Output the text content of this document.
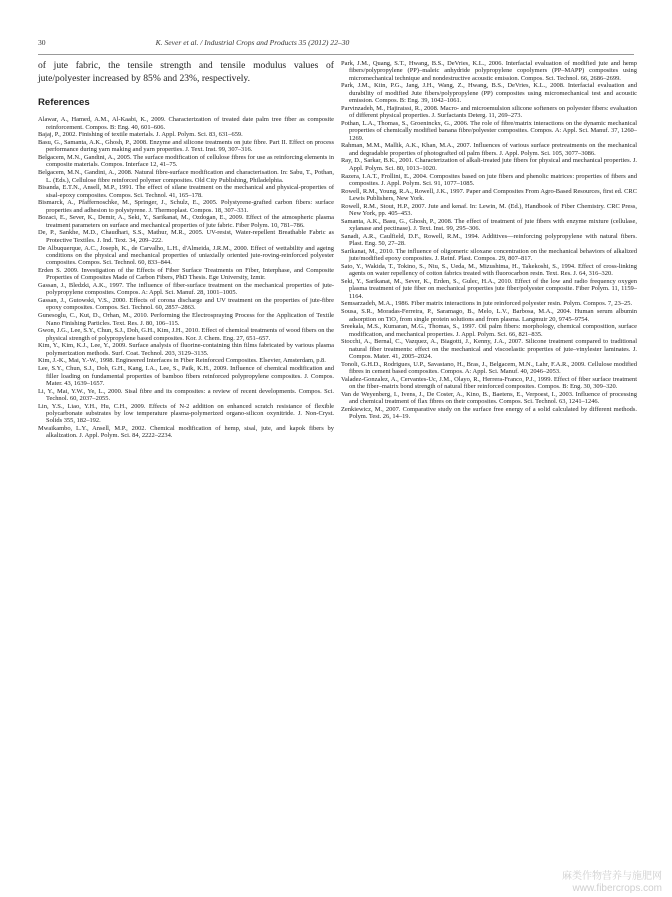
30	K. Sever et al. / Industrial Crops and Products 35 (2012) 22–30

of jute fabric, the tensile strength and tensile modulus values of jute/polyester increased by 85% and 23%, respectively.

References

Alawar, A., Hamed, A.M., Al-Kaabi, K., 2009. Characterization of treated date palm tree fiber as composite reinforcement. Compos. B: Eng. 40, 601–606.

Bajaj, P., 2002. Finishing of textile materials. J. Appl. Polym. Sci. 83, 631–659.

Basu, G., Samanta, A.K., Ghosh, P., 2008. Enzyme and silicone treatments on jute fibre. Part II. Effect on process performance during yarn making and yarn properties. J. Text. Inst. 99, 307–316.

Belgacem, M.N., Gandini, A., 2005. The surface modification of cellulose fibres for use as reinforcing elements in composite materials. Compos. Interface 12, 41–75.

Belgacem, M.N., Gandini, A., 2008. Natural fibre-surface modification and characterisation. In: Sabu, T., Pothan, L. (Eds.), Cellulose fibre reinforced polymer composites. Old City Publishing, Philadelphia.

Bisanda, E.T.N., Ansell, M.P., 1991. The effect of silane treatment on the mechanical and physical-properties of sisal-epoxy composites. Compos. Sci. Technol. 41, 165–178.

Bismarck, A., Pfaffernoschke, M., Springer, J., Schulz, E., 2005. Polystyrene-grafted carbon fibers: surface properties and adhesion to polystyrene. J. Thermoplast. Compos. 18, 307–331.

Bozaci, E., Sever, K., Demir, A., Seki, Y., Sarikanat, M., Ozdogan, E., 2009. Effect of the atmospheric plasma treatment parameters on surface and mechanical properties of jute fabric. Fiber Polym. 10, 781–786.

De, P., Sankhe, M.D., Chaudhari, S.S., Mathur, M.R., 2005. UV-resist, Water-repellent Breathable Fabric as Protective Textiles. J. Ind. Text. 34, 209–222.

De Albuquerque, A.C., Joseph, K., de Carvalho, L.H., d'Almeida, J.R.M., 2000. Effect of wettability and ageing conditions on the physical and mechanical properties of uniaxially oriented jute-roving-reinforced polyester composites. Compos. Sci. Technol. 60, 833–844.

Erden S. 2009. Investigation of the Effects of Fiber Surface Treatments on Fiber, Interphase, and Composite Properties of Composites Made of Carbon Fibers, PhD Thesis. Ege University, Izmir.

Gassan, J., Bledzki, A.K., 1997. The influence of fiber-surface treatment on the mechanical properties of jute-polypropylene composites. Compos. A: Appl. Sci. Manuf. 28, 1001–1005.

Gassan, J., Gutowski, V.S., 2000. Effects of corona discharge and UV treatment on the properties of jute-fibre epoxy composites. Compos. Sci. Technol. 60, 2857–2863.

Gunesoglu, C., Kut, D., Orhan, M., 2010. Performing the Electrospraying Process for the Application of Textile Nano Finishing Particles. Text. Res. J. 80, 106–115.

Gwon, J.G., Lee, S.Y., Chun, S.J., Doh, G.H., Kim, J.H., 2010. Effect of chemical treatments of wood fibers on the physical strength of polypropylene based composites. Kor. J. Chem. Eng. 27, 651–657.

Kim, Y., Kim, K.J., Lee, Y., 2009. Surface analysis of fluorine-containing thin films fabricated by various plasma polymerization methods. Surf. Coat. Technol. 203, 3129–3135.

Kim, J.-K., Mai, Y.-W., 1998. Engineered Interfaces in Fiber Reinforced Composites. Elsevier, Amsterdam, p.8.

Lee, S.Y., Chun, S.J., Doh, G.H., Kang, I.A., Lee, S., Paik, K.H., 2009. Influence of chemical modification and filler loading on fundamental properties of bamboo fibers reinforced polypropylene composites. J. Compos. Mater. 43, 1639–1657.

Li, Y., Mai, Y.W., Ye, L., 2000. Sisal fibre and its composites: a review of recent developments. Compos. Sci. Technol. 60, 2037–2055.

Lin, Y.S., Liao, Y.H., Hu, C.H., 2009. Effects of N-2 addition on enhanced scratch resistance of flexible polycarbonate substrates by low temperature plasma-polymerized organo-silicon oxynitride. J. Non-Cryst. Solids 355, 182–192.

Mwaikambo, L.Y., Ansell, M.P., 2002. Chemical modification of hemp, sisal, jute, and kapok fibers by alkalization. J. Appl. Polym. Sci. 84, 2222–2234.

Park, J.M., Quang, S.T., Hwang, B.S., DeVries, K.L., 2006. Interfacial evaluation of modified jute and hemp fibers/polypropylene (PP)–maleic anhydride polypropylene copolymers (PP–MAPP) composites using micromechanical technique and nondestructive acoustic emission. Compos. Sci. Technol. 66, 2686–2699.

Park, J.M., Kiin, P.G., Jang, J.H., Wang, Z., Hwang, B.S., DeVries, K.L., 2008. Interfacial evaluation and durability of modified Jute fibers/polypropylene (PP) composites using micromechanical test and acoustic emission. Compos. B: Eng. 39, 1042–1061.

Parvinzadeh, M., Hajiraissi, R., 2008. Macro- and microemulsion silicone softeners on polyester fibers: evaluation of different physical properties. J. Surfactants Deterg. 11, 269–273.

Pothan, L.A., Thomas, S., Groeninckx, G., 2006. The role of fibre/matrix interactions on the dynamic mechanical properties of chemically modified banana fibre/polyester composites. Compos. A: Appl. Sci. Manuf. 37, 1260–1269.

Rahman, M.M., Mallik, A.K., Khan, M.A., 2007. Influences of various surface pretreatments on the mechanical and degradable properties of photografted oil palm fibers. J. Appl. Polym. Sci. 105, 3077–3086.

Ray, D., Sarkar, B.K., 2001. Characterization of alkali-treated jute fibers for physical and mechanical properties. J. Appl. Polym. Sci. 80, 1013–1020.

Razera, I.A.T., Frollini, E., 2004. Composites based on jute fibers and phenolic matrices: properties of fibers and composites. J. Appl. Polym. Sci. 91, 1077–1085.

Rowell, R.M., Young, R.A., Rowell, J.K., 1997. Paper and Composites From Agro-Based Resources, first ed. CRC Lewis Publishers, New York.

Rowell, R.M., Stout, H.P., 2007. Jute and kenaf. In: Lewin, M. (Ed.), Handbook of Fiber Chemistry. CRC Press, New York, pp. 405–453.

Samanta, A.K., Basu, G., Ghosh, P., 2008. The effect of treatment of jute fibers with enzyme mixture (cellulase, xylanase and pectinase). J. Text. Inst. 99, 295–306.

Sanadi, A.R., Caulfield, D.F., Rowell, R.M., 1994. Additives—reinforcing polypropylene with natural fibers. Plast. Eng. 50, 27–28.

Sarikanat, M., 2010. The influence of oligomeric siloxane concentration on the mechanical behaviors of alkalized jute/modified epoxy composites. J. Reinf. Plast. Compos. 29, 807–817.

Sato, Y., Wakida, T., Tokino, S., Niu, S., Ueda, M., Mizushima, H., Takekoshi, S., 1994. Effect of cross-linking agents on water repellency of cotton fabrics treated with fluorocarbon resin. Text. Res. J. 64, 316–320.

Seki, Y., Sarikanat, M., Sever, K., Erden, S., Gulec, H.A., 2010. Effect of the low and radio frequency oxygen plasma treatment of jute fiber on mechanical properties jute fiber/polyester composite. Fiber Polym. 11, 1159–1164.

Semsarzadeh, M.A., 1986. Fiber matrix interactions in jute reinforced polyester resin. Polym. Compos. 7, 23–25.

Sousa, S.R., Moradas-Ferreira, P., Saramago, B., Melo, L.V., Barbosa, M.A., 2004. Human serum albumin adsorption on TiO₂ from single protein solutions and from plasma. Langmuir 20, 9745–9754.

Sreekala, M.S., Kumaran, M.G., Thomas, S., 1997. Oil palm fibers: morphology, chemical composition, surface modification, and mechanical properties. J. Appl. Polym. Sci. 66, 821–835.

Stocchi, A., Bernal, C., Vazquez, A., Biagotti, J., Kenny, J.A., 2007. Silicone treatment compared to traditional natural fiber treatments: effect on the mechanical and viscoelastic properties of jute–vinylester laminates. J. Compos. Mater. 41, 2005–2024.

Tonoli, G.H.D., Rodrigues, U.P., Savastano, H., Bras, J., Belgacem, M.N., Lahr, F.A.R., 2009. Cellulose modified fibres in cement based composites. Compos. A: Appl. Sci. Manuf. 40, 2046–2053.

Valadez-Gonzalez, A., Cervantes-Uc, J.M., Olayo, R., Herrera-Franco, P.J., 1999. Effect of fiber surface treatment on the fiber–matrix bond strength of natural fiber reinforced composites. Compos. B: Eng. 30, 309–320.

Van de Weyenberg, I., Ivens, J., De Coster, A., Kino, B., Baetens, E., Verpoest, I., 2003. Influence of processing and chemical treatment of flax fibres on their composites. Compos. Sci. Technol. 63, 1241–1246.

Zenkiewicz, M., 2007. Comparative study on the surface free energy of a solid calculated by different methods. Polym. Test. 26, 14–19.

麻类作物营养与施肥网
www.fibercrops.com
